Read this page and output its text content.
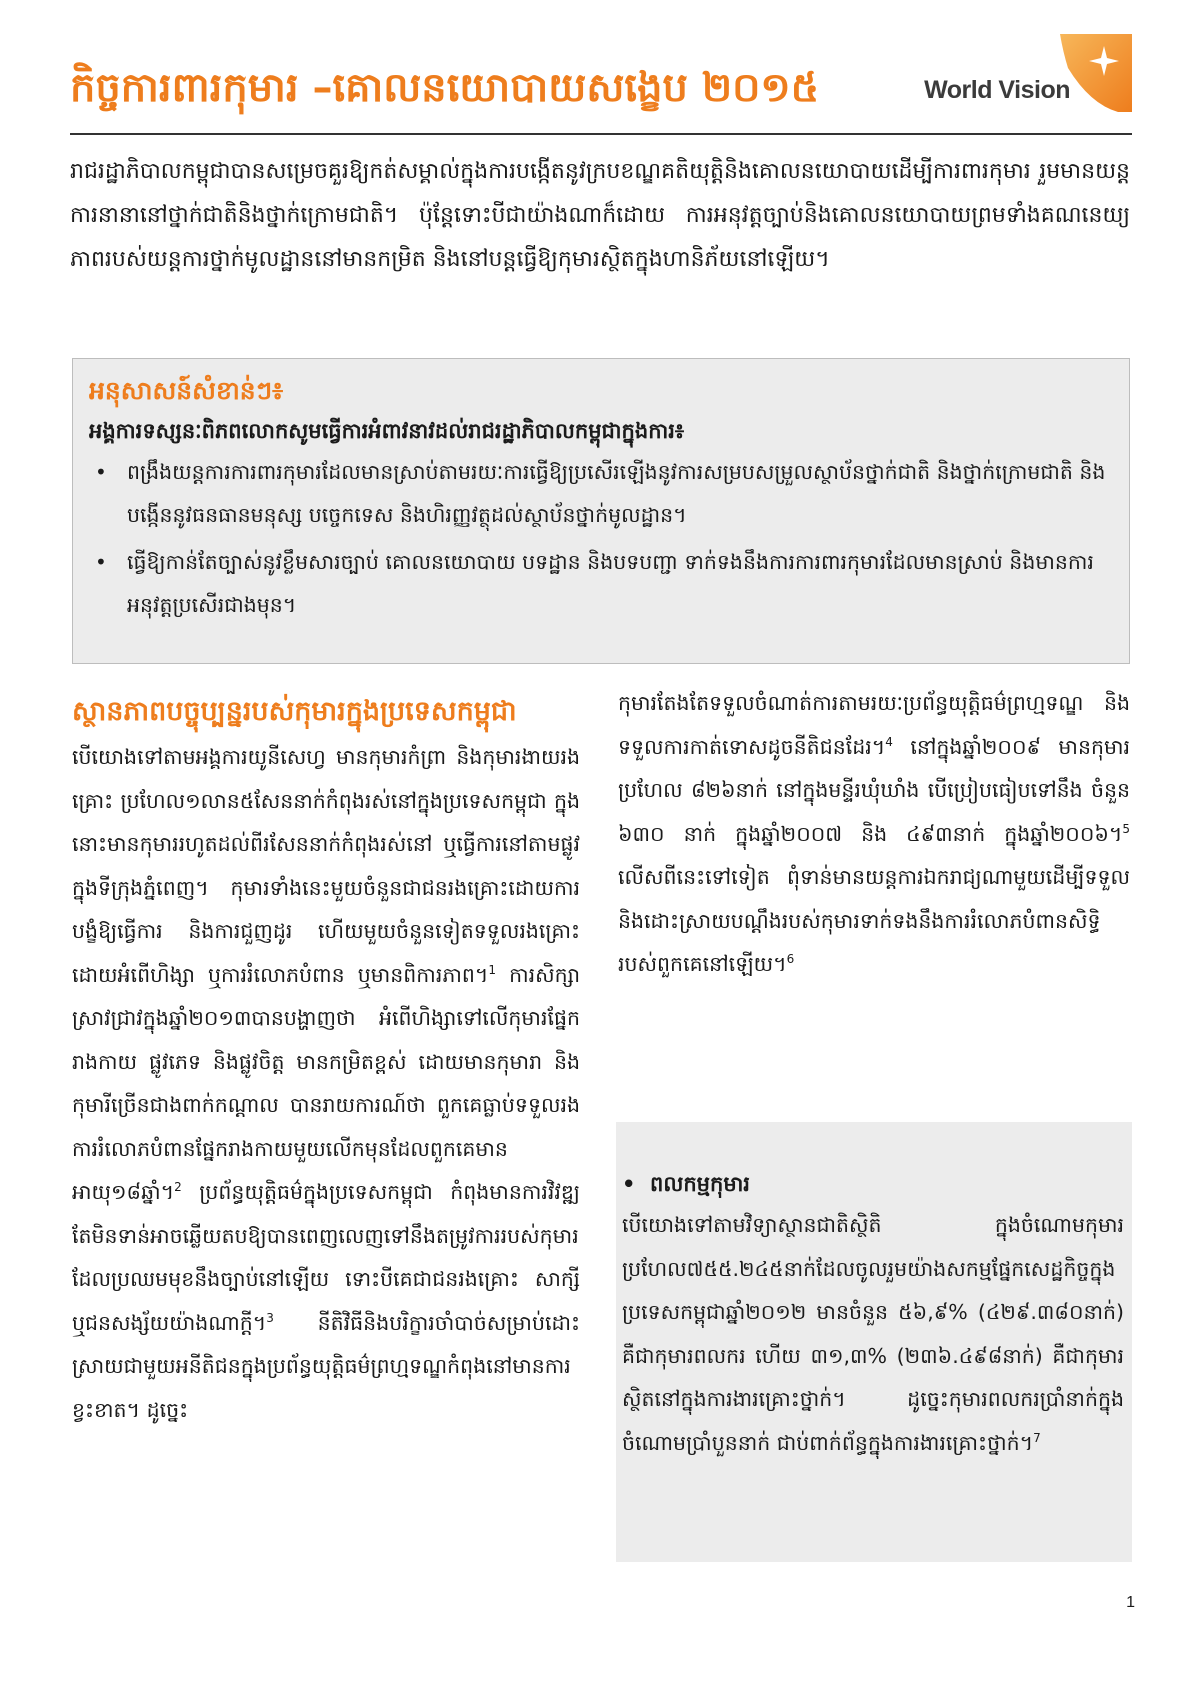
កិច្ចការពារកុមារ –គោលនយោបាយសង្ខេប ២០១៥	World Vision

រាជរដ្ឋាភិបាលកម្ពុជាបានសម្រេចគួរឱ្យកត់សម្គាល់ក្នុងការបង្កើតនូវក្របខណ្ឌគតិយុត្តិនិងគោលនយោបាយដើម្បីការពារកុមារ រួមមានយន្តការនានានៅថ្នាក់ជាតិនិងថ្នាក់ក្រោមជាតិ។ ប៉ុន្តែទោះបីជាយ៉ាងណាក៏ដោយ ការអនុវត្តច្បាប់និងគោលនយោបាយព្រមទាំងគណនេយ្យភាពរបស់យន្តការថ្នាក់មូលដ្ឋាននៅមានកម្រិត និងនៅបន្តធ្វើឱ្យកុមារស្ថិតក្នុងហានិភ័យនៅឡើយ។

អនុសាសន៍សំខាន់ៗ៖

អង្គការទស្សនៈពិភពលោកសូមធ្វើការអំពាវនាវដល់រាជរដ្ឋាភិបាលកម្ពុជាក្នុងការ៖

• ពង្រឹងយន្តការការពារកុមារដែលមានស្រាប់តាមរយៈការធ្វើឱ្យប្រសើរឡើងនូវការសម្របសម្រួលស្ថាប័នថ្នាក់ជាតិ និងថ្នាក់ក្រោមជាតិ និងបង្កើននូវធនធានមនុស្ស បច្ចេកទេស និងហិរញ្ញវត្ថុដល់ស្ថាប័នថ្នាក់មូលដ្ឋាន។
• ធ្វើឱ្យកាន់តែច្បាស់នូវខ្លឹមសារច្បាប់ គោលនយោបាយ បទដ្ឋាន និងបទបញ្ជា ទាក់ទងនឹងការការពារកុមារដែលមានស្រាប់ និងមានការអនុវត្តប្រសើរជាងមុន។
ស្ថានភាពបច្ចុប្បន្នរបស់កុមារក្នុងប្រទេសកម្ពុជា

បើយោងទៅតាមអង្គការយូនីសេហ្វ មានកុមារកំព្រា និងកុមារងាយរងគ្រោះ ប្រហែល១លាន៥សែននាក់កំពុងរស់នៅក្នុងប្រទេសកម្ពុជា ក្នុងនោះមានកុមាររហូតដល់ពីរសែននាក់កំពុងរស់នៅ ឬធ្វើការនៅតាមផ្លូវក្នុងទីក្រុងភ្នំពេញ។ កុមារទាំងនេះមួយចំនួនជាជនរងគ្រោះដោយការបង្ខំឱ្យធ្វើការ និងការជួញដូរ ហើយមួយចំនួនទៀតទទួលរងគ្រោះដោយអំពើហិង្សា ឬការរំលោភបំពាន ឬមានពិការភាព។$^1$ ការសិក្សាស្រាវជ្រាវក្នុងឆ្នាំ២០១៣បានបង្ហាញថា អំពើហិង្សាទៅលើកុមារផ្នែករាងកាយ ផ្លូវភេទ និងផ្លូវចិត្ត មានកម្រិតខ្ពស់ ដោយមានកុមារា និងកុមារីច្រើនជាងពាក់កណ្តាល បានរាយការណ៍ថា ពួកគេធ្លាប់ទទួលរងការរំលោភបំពានផ្នែករាងកាយមួយលើកមុនដែលពួកគេមានអាយុ១៨ឆ្នាំ។$^2$ ប្រព័ន្ធយុត្តិធម៌ក្នុងប្រទេសកម្ពុជា កំពុងមានការវិវឌ្ឍ តែមិនទាន់អាចឆ្លើយតបឱ្យបានពេញលេញទៅនឹងតម្រូវការរបស់កុមារដែលប្រឈមមុខនឹងច្បាប់នៅឡើយ ទោះបីគេជាជនរងគ្រោះ សាក្សី ឬជនសង្ស័យយ៉ាងណាក្តី។$^3$ នីតិវិធីនិងបរិក្ខារចាំបាច់សម្រាប់ដោះស្រាយជាមួយអនីតិជនក្នុងប្រព័ន្ធយុត្តិធម៌ព្រហ្មទណ្ឌកំពុងនៅមានការខ្វះខាត។ ដូច្នេះ

កុមារតែងតែទទួលចំណាត់ការតាមរយៈប្រព័ន្ធយុត្តិធម៌ព្រហ្មទណ្ឌ និងទទួលការកាត់ទោសដូចនីតិជនដែរ។$^4$ នៅក្នុងឆ្នាំ២០០៩ មានកុមារប្រហែល ៨២៦នាក់ នៅក្នុងមន្ទីរឃុំឃាំង បើប្រៀបធៀបទៅនឹង ចំនួន ៦៣០ នាក់ ក្នុងឆ្នាំ២០០៧ និង ៤៩៣នាក់ ក្នុងឆ្នាំ២០០៦។$^5$ លើសពីនេះទៅទៀត ពុំទាន់មានយន្តការឯករាជ្យណាមួយដើម្បីទទួលនិងដោះស្រាយបណ្តឹងរបស់កុមារទាក់ទងនឹងការរំលោភបំពានសិទ្ធិរបស់ពួកគេនៅឡើយ។$^6$

• ពលកម្មកុមារ

បើយោងទៅតាមវិទ្យាស្ថានជាតិស្ថិតិ ក្នុងចំណោមកុមារប្រហែល៧៥៥.២៤៥នាក់ដែលចូលរួមយ៉ាងសកម្មផ្នែកសេដ្ឋកិច្ចក្នុងប្រទេសកម្ពុជាឆ្នាំ២០១២ មានចំនួន ៥៦,៩% (៤២៩.៣៨០នាក់) គឺជាកុមារពលករ ហើយ ៣១,៣% (២៣៦.៤៩៨នាក់) គឺជាកុមារស្ថិតនៅក្នុងការងារគ្រោះថ្នាក់។ ដូច្នេះកុមារពលករប្រាំនាក់ក្នុងចំណោមប្រាំបួននាក់ ជាប់ពាក់ព័ន្ធក្នុងការងារគ្រោះថ្នាក់។$^7$

1
